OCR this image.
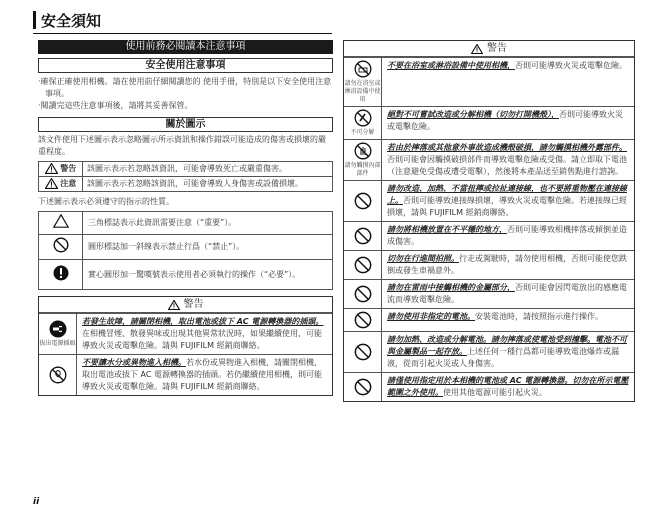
安全須知
使用前務必閱讀本注意事項
安全使用注意事項
·確保正確使用相機。請在使用前仔細閱讀您的 使用手冊，特別是以下安全使用注意事項。
·閱讀完這些注意事項後，請將其妥善保管。
關於圖示
該文件使用下述圖示表示忽略圖示所示資訊和操作錯誤可能造成的傷害或損壞的嚴重程度。
警告	該圖示表示若忽略該資訊，可能會導致死亡或嚴重傷害。
注意	該圖示表示若忽略該資訊，可能會導致人身傷害或設備損壞。
下述圖示表示必須遵守的指示的性質。
	三角標誌表示此資訊需要注意（“重要”）。
	圓形標誌加一斜線表示禁止行爲（“禁止”）。
	實心圓形加一驚嘆號表示使用者必須執行的操作（“必要”）。
警告
拔出電源插頭
若發生故障，請關閉相機，取出電池或拔下 AC 電源轉換器的插頭。在相機冒煙、散發異味或出現其他異常狀況時，如果繼續使用，可能導致火災或電擊危險。請與 FUJIFILM 經銷商聯絡。
不要讓水分或異物進入相機。若水份或異物進入相機，請關閉相機，取出電池或拔下 AC 電源轉換器的插頭。若仍繼續使用相機，則可能導致火災或電擊危險。請與 FUJIFILM 經銷商聯絡。
警告
請勿在浴室或淋浴設備中使用
不要在浴室或淋浴設備中使用相機，否則可能導致火災或電擊危險。
不可分解
絕對不可嘗試改造或分解相機（切勿打開機殼），否則可能導致火災或電擊危險。
請勿觸摸內部部件
若由於摔落或其他意外事故造成機殼破損，請勿觸摸相機外露部件。否則可能會因觸摸破損部件而導致電擊危險或受傷。請立即取下電池（注意避免受傷或遭受電擊），然後將本產品送至銷售點進行諮詢。
請勿改造、加熱、不當扭擰或拉扯連接線，也不要將重物壓在連接線上。否則可能導致連接線損壞，導致火災或電擊危險。若連接線已經損壞，請與 FUJIFILM 經銷商聯絡。
請勿將相機放置在不平穩的地方，否則可能導致相機摔落或傾倒並造成傷害。
切勿在行進間拍照。行走或駕駛時，請勿使用相機，否則可能使您跌倒或發生車禍意外。
請勿在雷雨中接觸相機的金屬部分，否則可能會因閃電放出的感應電流而導致電擊危險。
請勿使用非指定的電池。安裝電池時，請按照指示進行操作。
請勿加熱、改造或分解電池。請勿摔落或使電池受到撞擊。電池不可與金屬製品一起存放。上述任何一種行爲都可能導致電池爆炸或漏液，從而引起火災或人身傷害。
請僅使用指定用於本相機的電池或 AC 電源轉換器。切勿在所示電壓範圍之外使用。使用其他電源可能引起火災。
ii
